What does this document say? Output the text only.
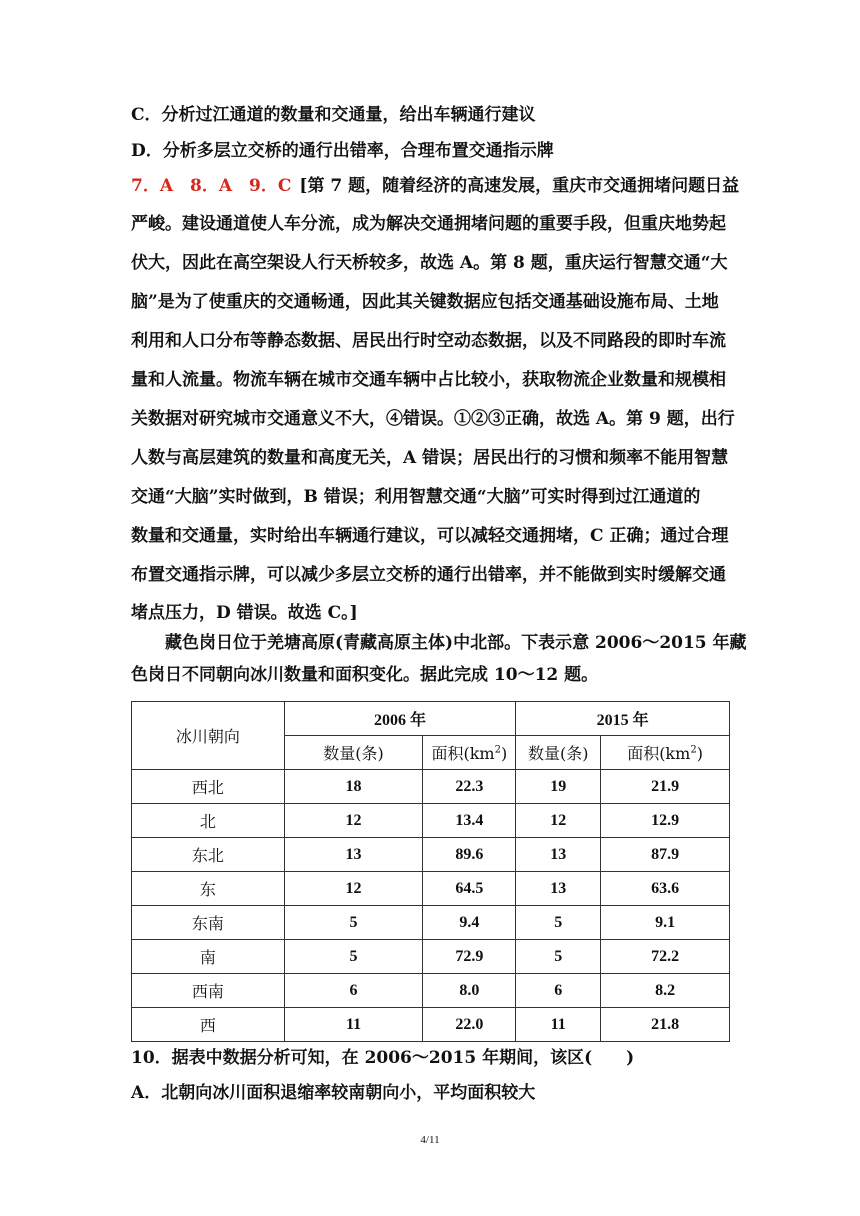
C．分析过江通道的数量和交通量，给出车辆通行建议
D．分析多层立交桥的通行出错率，合理布置交通指示牌
7．A　8．A　9．C [第 7 题，随着经济的高速发展，重庆市交通拥堵问题日益
严峻。建设通道使人车分流，成为解决交通拥堵问题的重要手段，但重庆地势起
伏大，因此在高空架设人行天桥较多，故选 A。第 8 题，重庆运行智慧交通“大
脑”是为了使重庆的交通畅通，因此其关键数据应包括交通基础设施布局、土地
利用和人口分布等静态数据、居民出行时空动态数据，以及不同路段的即时车流
量和人流量。物流车辆在城市交通车辆中占比较小，获取物流企业数量和规模相
关数据对研究城市交通意义不大，④错误。①②③正确，故选 A。第 9 题，出行
人数与高层建筑的数量和高度无关，A 错误；居民出行的习惯和频率不能用智慧
交通“大脑”实时做到，B 错误；利用智慧交通“大脑”可实时得到过江通道的
数量和交通量，实时给出车辆通行建议，可以减轻交通拥堵，C 正确；通过合理
布置交通指示牌，可以减少多层立交桥的通行出错率，并不能做到实时缓解交通
堵点压力，D 错误。故选 C。]
藏色岗日位于羌塘高原(青藏高原主体)中北部。下表示意 2006～2015 年藏
色岗日不同朝向冰川数量和面积变化。据此完成 10～12 题。
冰川朝向	2006 年		2015 年	
	数量(条)	面积$(km^2)$	数量(条)	面积$(km^2)$
西北	18	22.3	19	21.9
北	12	13.4	12	12.9
东北	13	89.6	13	87.9
东	12	64.5	13	63.6
东南	5	9.4	5	9.1
南	5	72.9	5	72.2
西南	6	8.0	6	8.2
西	11	22.0	11	21.8
10．据表中数据分析可知，在 2006～2015 年期间，该区(　　)
A．北朝向冰川面积退缩率较南朝向小，平均面积较大
4/11
